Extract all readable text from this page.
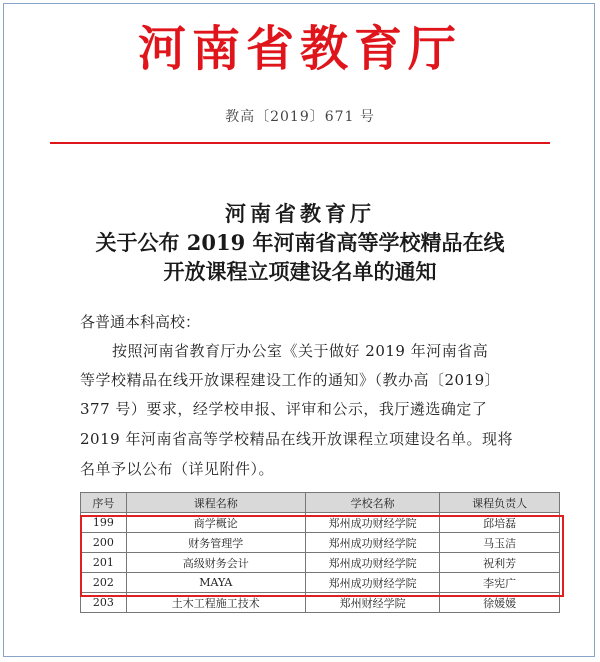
河南省教育厅
教高〔2019〕671 号
河南省教育厅
关于公布 2019 年河南省高等学校精品在线
开放课程立项建设名单的通知
各普通本科高校：
按照河南省教育厅办公室《关于做好 2019 年河南省高
等学校精品在线开放课程建设工作的通知》（教办高〔2019〕
377 号）要求，经学校申报、评审和公示，我厅遴选确定了
2019 年河南省高等学校精品在线开放课程立项建设名单。现将
名单予以公布（详见附件）。
序号	课程名称	学校名称	课程负责人
199	商学概论	郑州成功财经学院	邱培磊
200	财务管理学	郑州成功财经学院	马玉洁
201	高级财务会计	郑州成功财经学院	祝利芳
202	MAYA	郑州成功财经学院	李宪广
203	土木工程施工技术	郑州财经学院	徐媛媛
